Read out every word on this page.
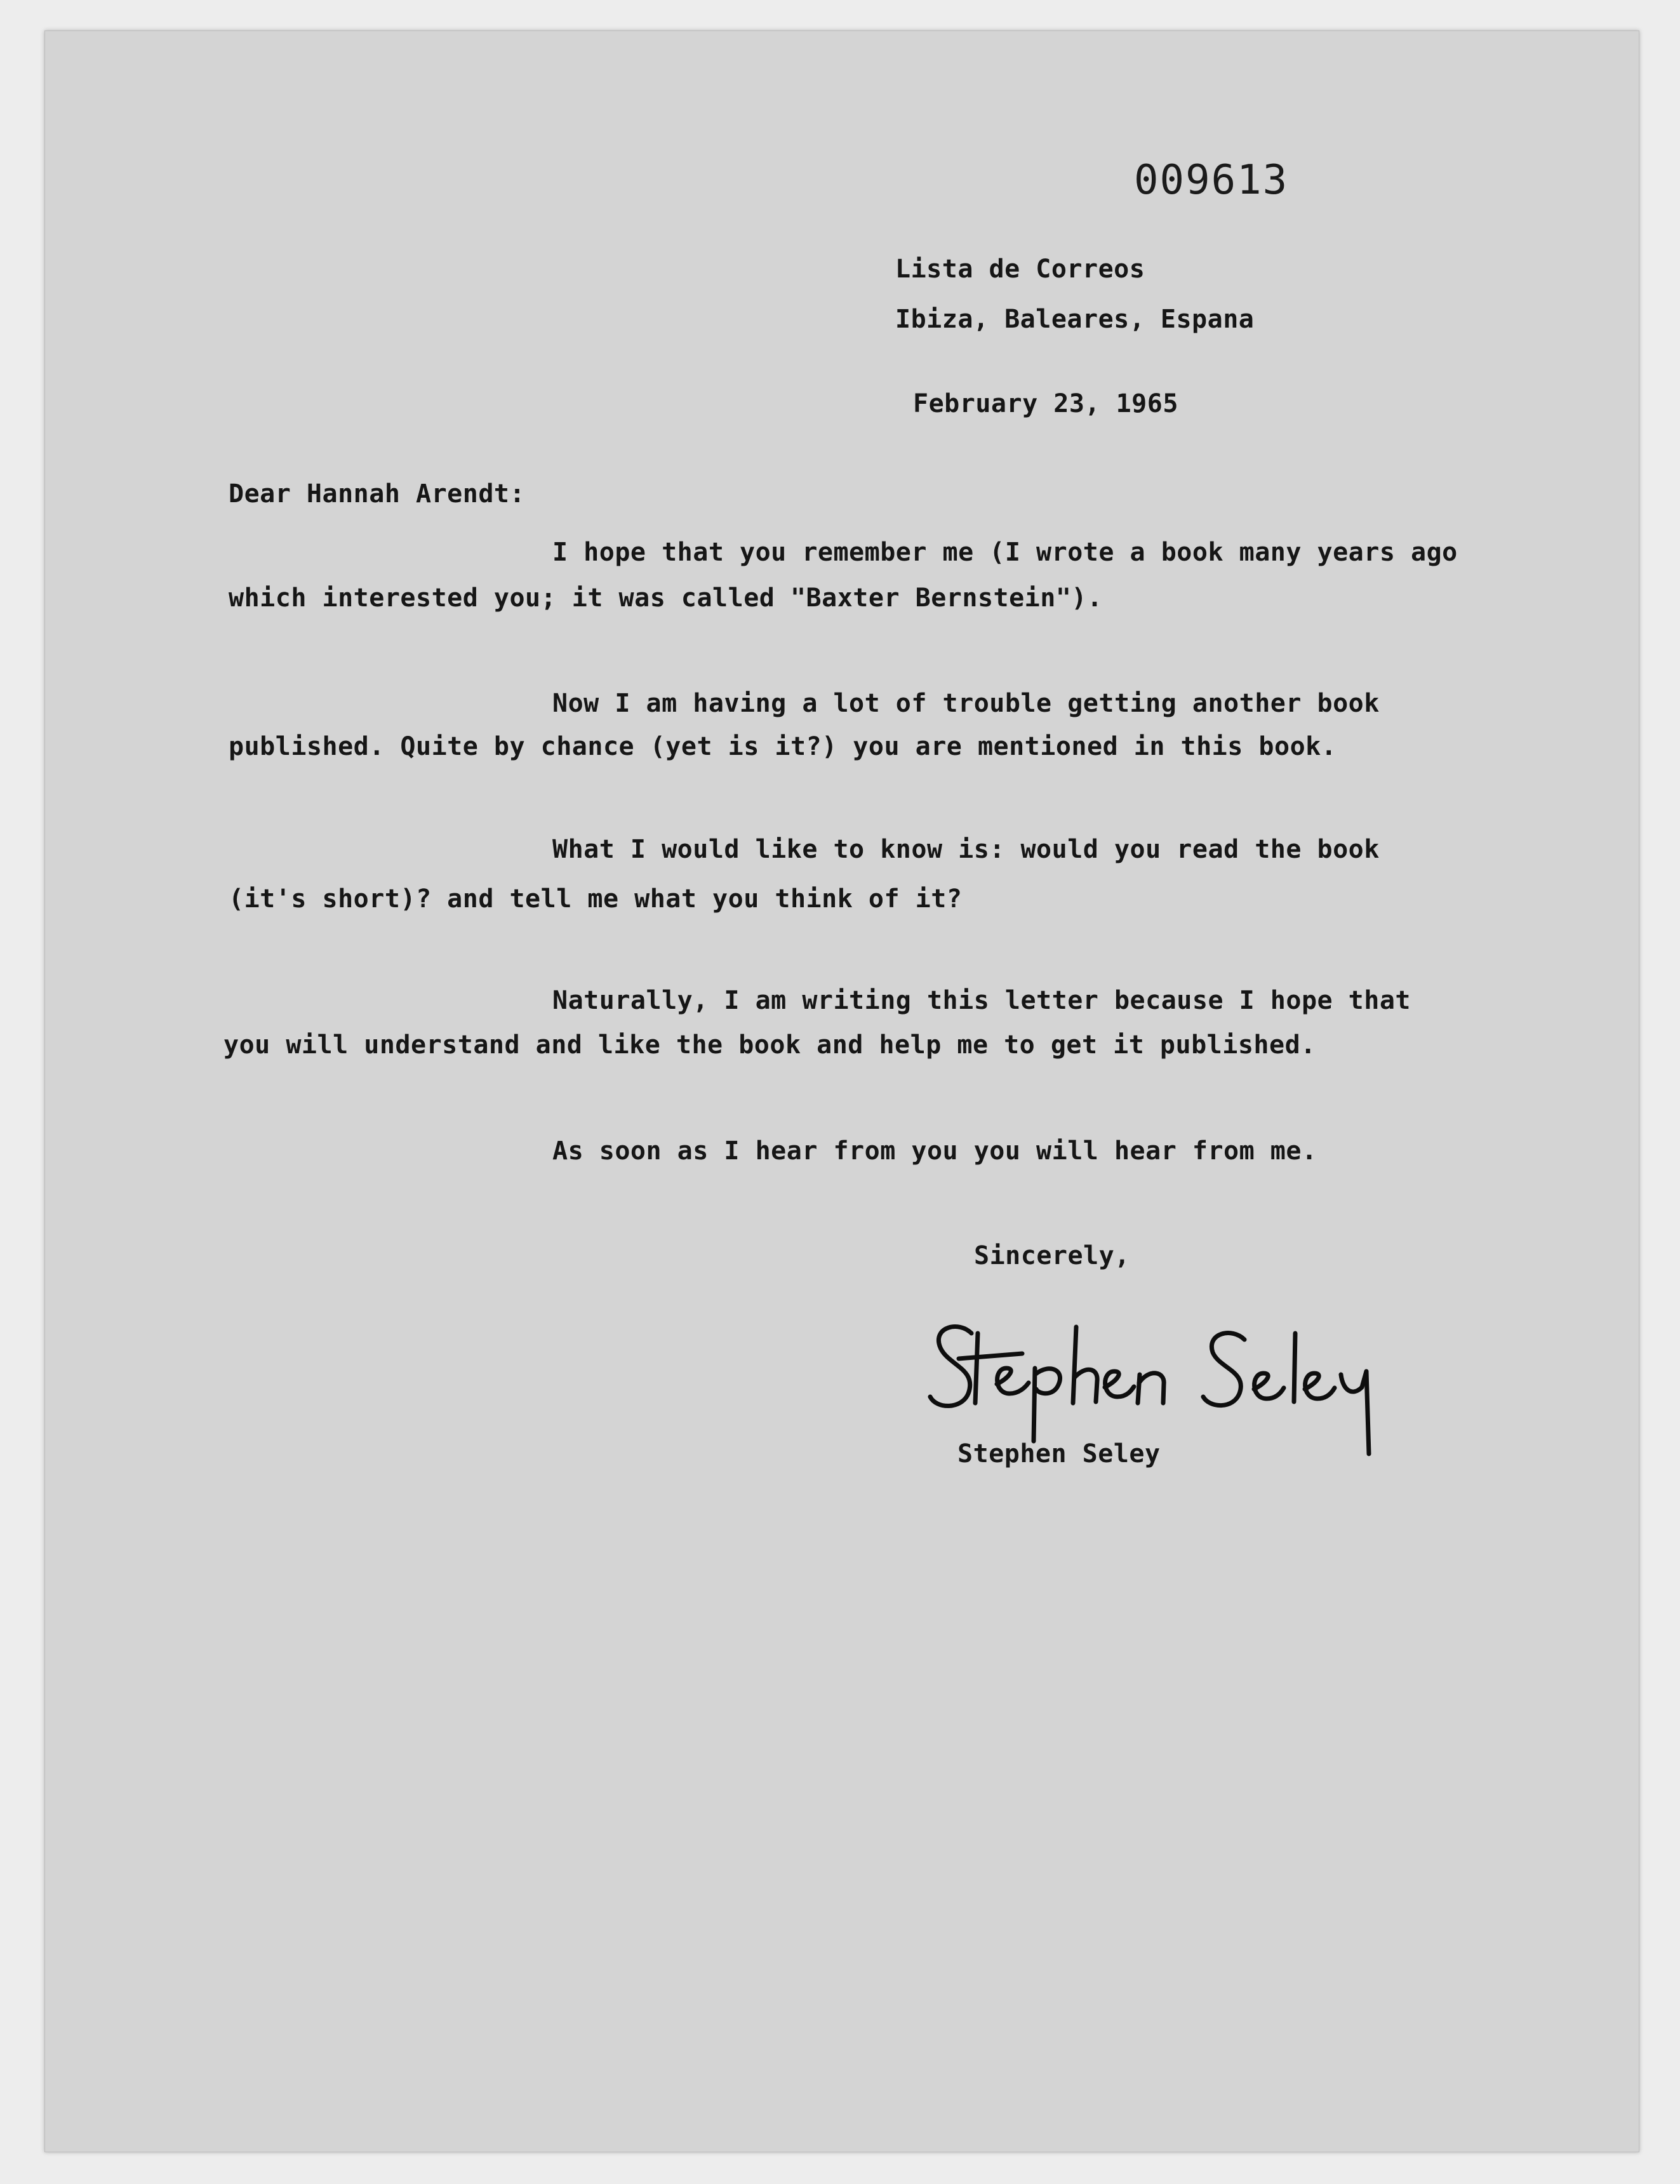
009613
Lista de Correos
Ibiza, Baleares, Espana
February 23, 1965
Dear Hannah Arendt:
I hope that you remember me (I wrote a book many years ago
which interested you; it was called "Baxter Bernstein").
Now I am having a lot of trouble getting another book
published. Quite by chance (yet is it?) you are mentioned in this book.
What I would like to know is: would you read the book
(it's short)? and tell me what you think of it?
Naturally, I am writing this letter because I hope that
you will understand and like the book and help me to get it published.
As soon as I hear from you you will hear from me.
Sincerely,
Stephen Seley
